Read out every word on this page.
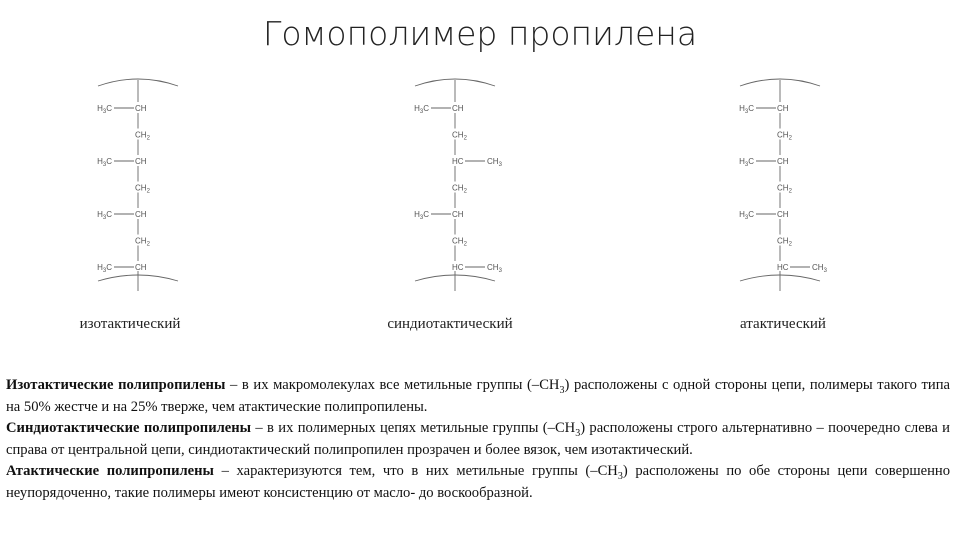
Гомополимер пропилена
CH
$H_3C$
$CH_2$
CH
$H_3C$
$CH_2$
CH
$H_3C$
$CH_2$
CH
$H_3C$
CH
$H_3C$
$CH_2$
HC	$CH_3$
$CH_2$
CH
$H_3C$
$CH_2$
HC	$CH_3$
CH
$H_3C$
$CH_2$
CH
$H_3C$
$CH_2$
CH
$H_3C$
$CH_2$
HC	$CH_3$
изотактический	синдиотактический	атактический

Изотактические полипропилены – в их макромолекулах все метильные группы $(-CH_3)$ расположены с одной стороны цепи, полимеры такого типа на 50% жестче и на 25% тверже, чем атактические полипропилены.

Синдиотактические полипропилены – в их полимерных цепях метильные группы $(-CH_3)$ расположены строго альтернативно – поочередно слева и справа от центральной цепи, синдиотактический полипропилен прозрачен и более вязок, чем изотактический.

Атактические полипропилены – характеризуются тем, что в них метильные группы $(-CH_3)$ расположены по обе стороны цепи совершенно неупорядоченно, такие полимеры имеют консистенцию от масло- до воскообразной.
